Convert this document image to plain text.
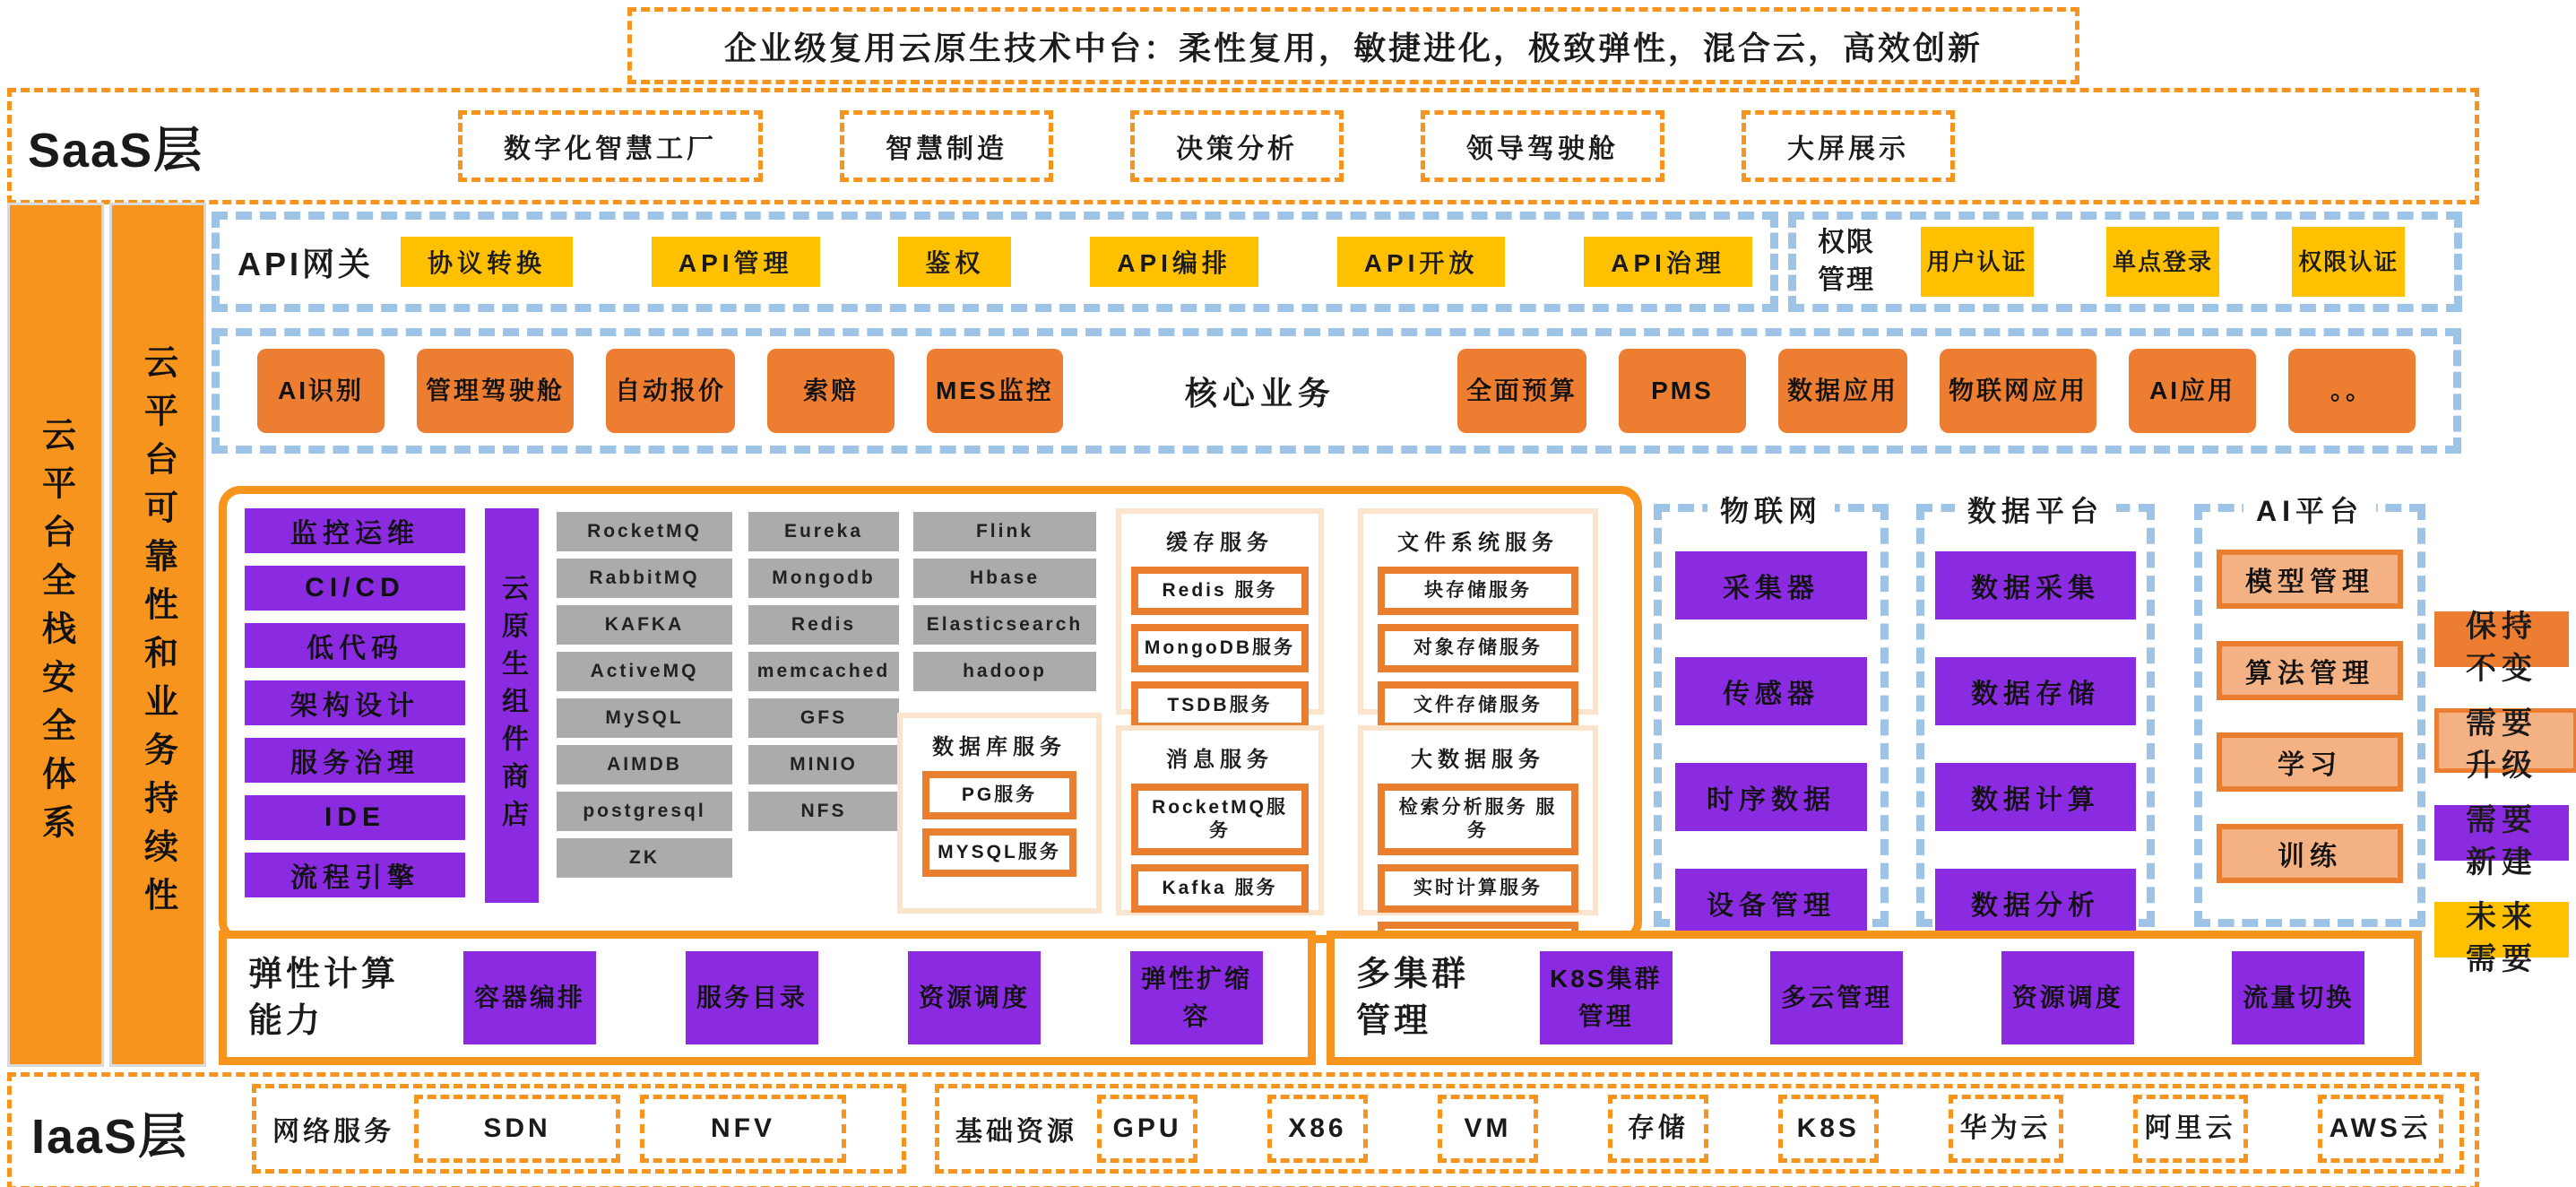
企业级复用云原生技术中台：柔性复用，敏捷进化，极致弹性，混合云，高效创新
SaaS层	数字化智慧工厂	智慧制造	决策分析	领导驾驶舱	大屏展示
云平台全栈安全体系	云平台可靠性和业务持续性
API网关 协议转换	API管理	鉴权	API编排	API开放	API治理
权限管理
用户认证	单点登录	权限认证
AI识别 管理驾驶舱 自动报价	索赔	MES监控	核心业务	全面预算	PMS	数据应用 物联网应用 AI应用	。。
监控运维
CI/CD
低代码
架构设计
服务治理
IDE
流程引擎
云原生组件商店
RocketMQ
RabbitMQ
KAFKA
ActiveMQ
MySQL
AIMDB
postgresql
ZK
Eureka
Mongodb
Redis
memcached
GFS
MINIO
NFS
Flink
Hbase
Elasticsearch
hadoop
数据库服务
PG服务
MYSQL服务
缓存服务
Redis 服务
MongoDB服务
TSDB服务
消息服务
RocketMQ服务
Kafka 服务
文件系统服务
块存储服务
对象存储服务
文件存储服务
大数据服务
检索分析服务 服务
实时计算服务
物联网
采集器
传感器
时序数据
设备管理
数据平台
数据采集
数据存储
数据计算
数据分析
AI平台
模型管理
算法管理
学习
训练
保持不变
需要升级
需要新建
未来需要
弹性计算能力
容器编排	服务目录	资源调度
弹性扩缩容
多集群管理
K8S集群管理
多云管理	资源调度	流量切换
IaaS层	网络服务	SDN	NFV	基础资源 GPU	X86	VM	存储	K8S	华为云	阿里云	AWS云
